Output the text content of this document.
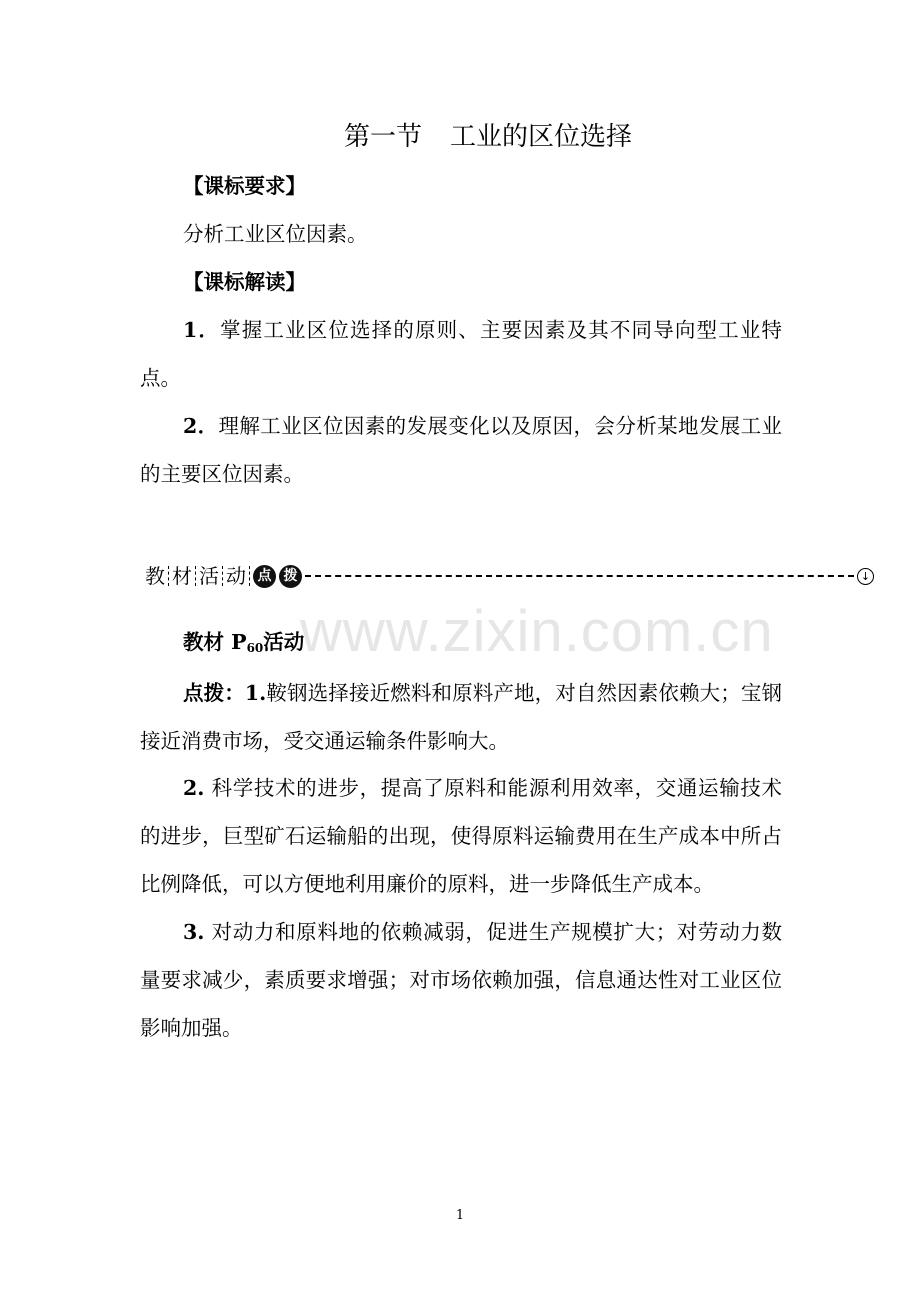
www.zixin.com.cn
第一节 工业的区位选择
【课标要求】
分析工业区位因素。
【课标解读】
1．掌握工业区位选择的原则、主要因素及其不同导向型工业特点。
2．理解工业区位因素的发展变化以及原因，会分析某地发展工业的主要区位因素。
教 材 活 动 点 拨	↓
教材 $P_{60}$活动
点拨：1.鞍钢选择接近燃料和原料产地，对自然因素依赖大；宝钢接近消费市场，受交通运输条件影响大。
2. 科学技术的进步，提高了原料和能源利用效率，交通运输技术的进步，巨型矿石运输船的出现，使得原料运输费用在生产成本中所占比例降低，可以方便地利用廉价的原料，进一步降低生产成本。
3. 对动力和原料地的依赖减弱，促进生产规模扩大；对劳动力数量要求减少，素质要求增强；对市场依赖加强，信息通达性对工业区位影响加强。
1
